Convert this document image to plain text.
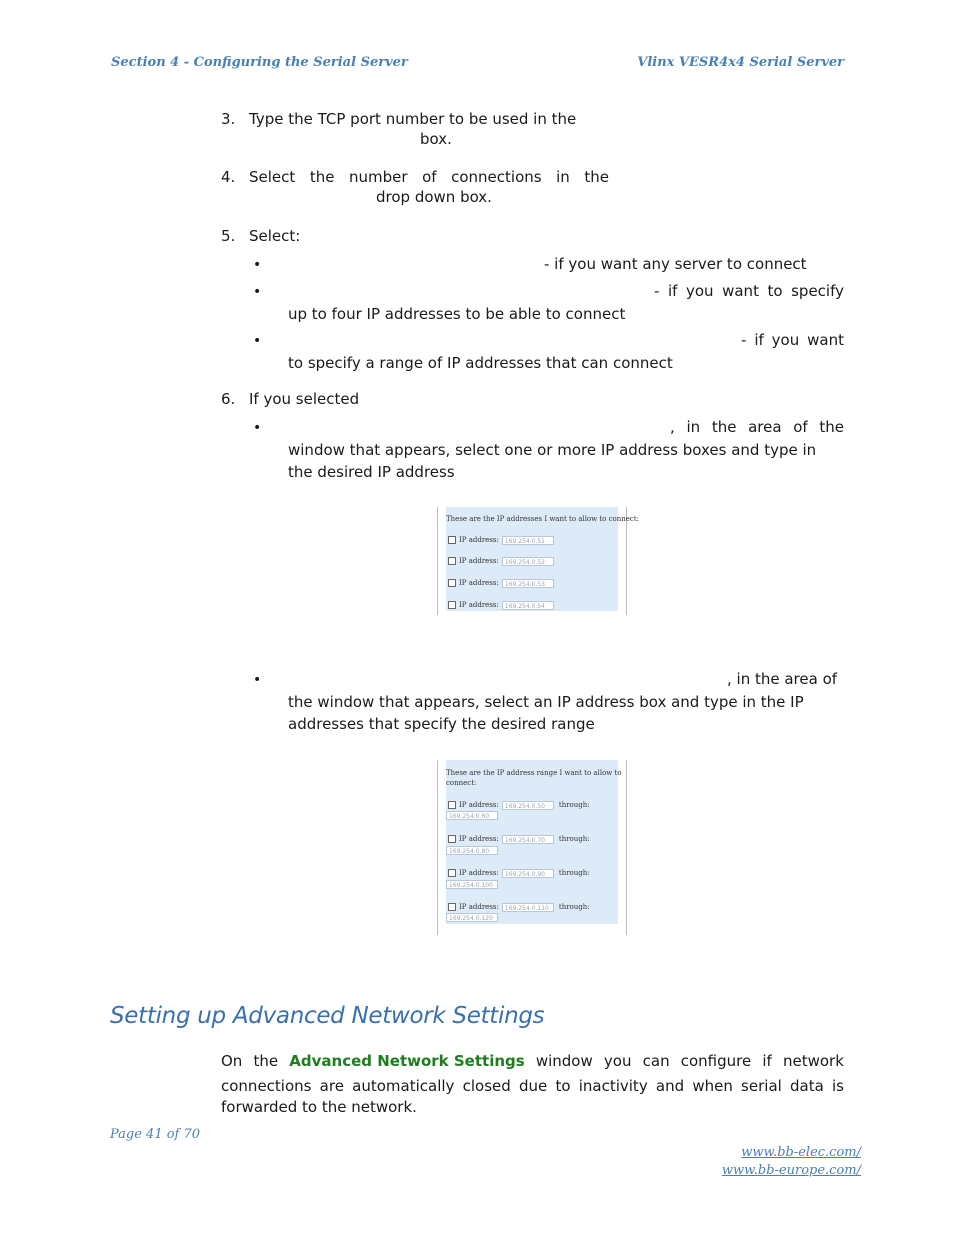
Section 4 - Configuring the Serial Server	Vlinx VESR4x4 Serial Server
3. Type the TCP port number to be used in the
box.
4. Select the number of connections in the
drop down box.
5. Select:
•	- if you want any server to connect
•	- if you want to specify
up to four IP addresses to be able to connect
•	- if you want
to specify a range of IP addresses that can connect
6. If you selected
•	, in the area of the
window that appears, select one or more IP address boxes and type in
the desired IP address
These are the IP addresses I want to allow to connect:
IP address:	169.254.0.51
IP address:	169.254.0.52
IP address:	169.254.0.53
IP address:	169.254.0.54
•	, in the area of
the window that appears, select an IP address box and type in the IP
addresses that specify the desired range
These are the IP address range I want to allow to
connect:
IP address:	169.254.0.50	through:
169.254.0.60
IP address:	169.254.0.70	through:
169.254.0.80
IP address:	169.254.0.90	through:
169.254.0.100
IP address:	169.254.0.110	through:
169.254.0.120
Setting up Advanced Network Settings
On the Advanced Network Settings window you can configure if network
connections are automatically closed due to inactivity and when serial data is
forwarded to the network.
Page 41 of 70
www.bb-elec.com/
www.bb-europe.com/
